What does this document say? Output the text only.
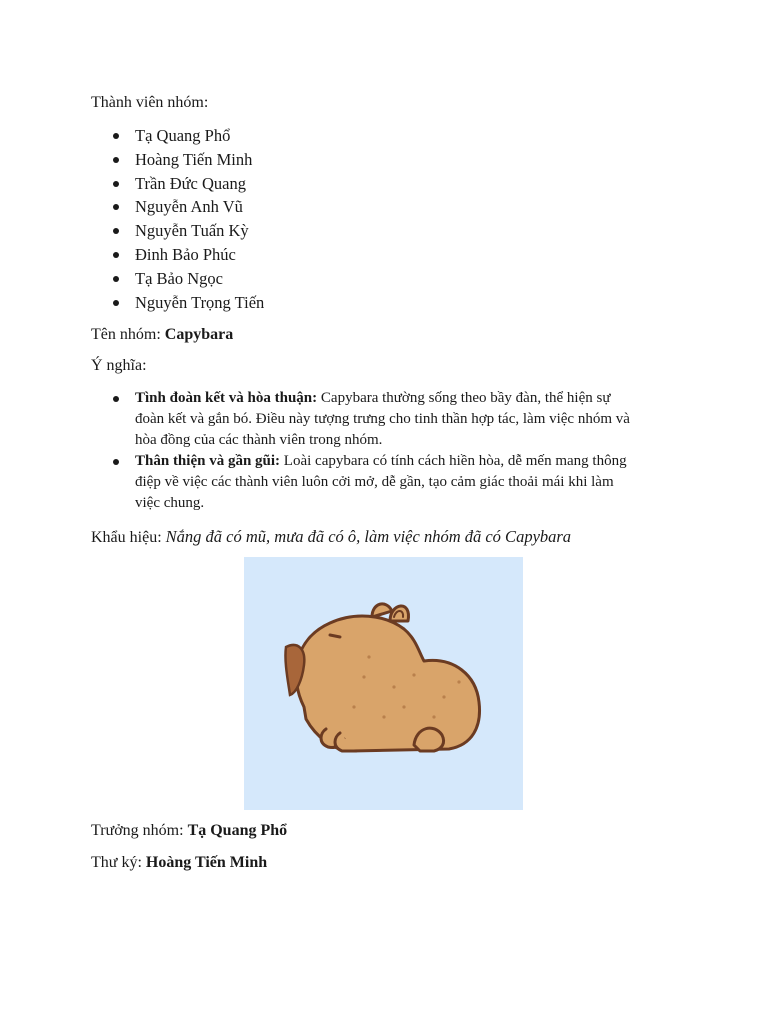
Thành viên nhóm:
Tạ Quang Phổ
Hoàng Tiến Minh
Trần Đức Quang
Nguyễn Anh Vũ
Nguyễn Tuấn Kỳ
Đinh Bảo Phúc
Tạ Bảo Ngọc
Nguyễn Trọng Tiến
Tên nhóm: Capybara
Ý nghĩa:
Tình đoàn kết và hòa thuận: Capybara thường sống theo bầy đàn, thể hiện sự
đoàn kết và gắn bó. Điều này tượng trưng cho tinh thần hợp tác, làm việc nhóm và
hòa đồng của các thành viên trong nhóm.
Thân thiện và gần gũi: Loài capybara có tính cách hiền hòa, dễ mến mang thông
điệp về việc các thành viên luôn cởi mở, dễ gần, tạo cảm giác thoải mái khi làm
việc chung.
Khẩu hiệu: Nắng đã có mũ, mưa đã có ô, làm việc nhóm đã có Capybara
Trưởng nhóm: Tạ Quang Phổ
Thư ký: Hoàng Tiến Minh
